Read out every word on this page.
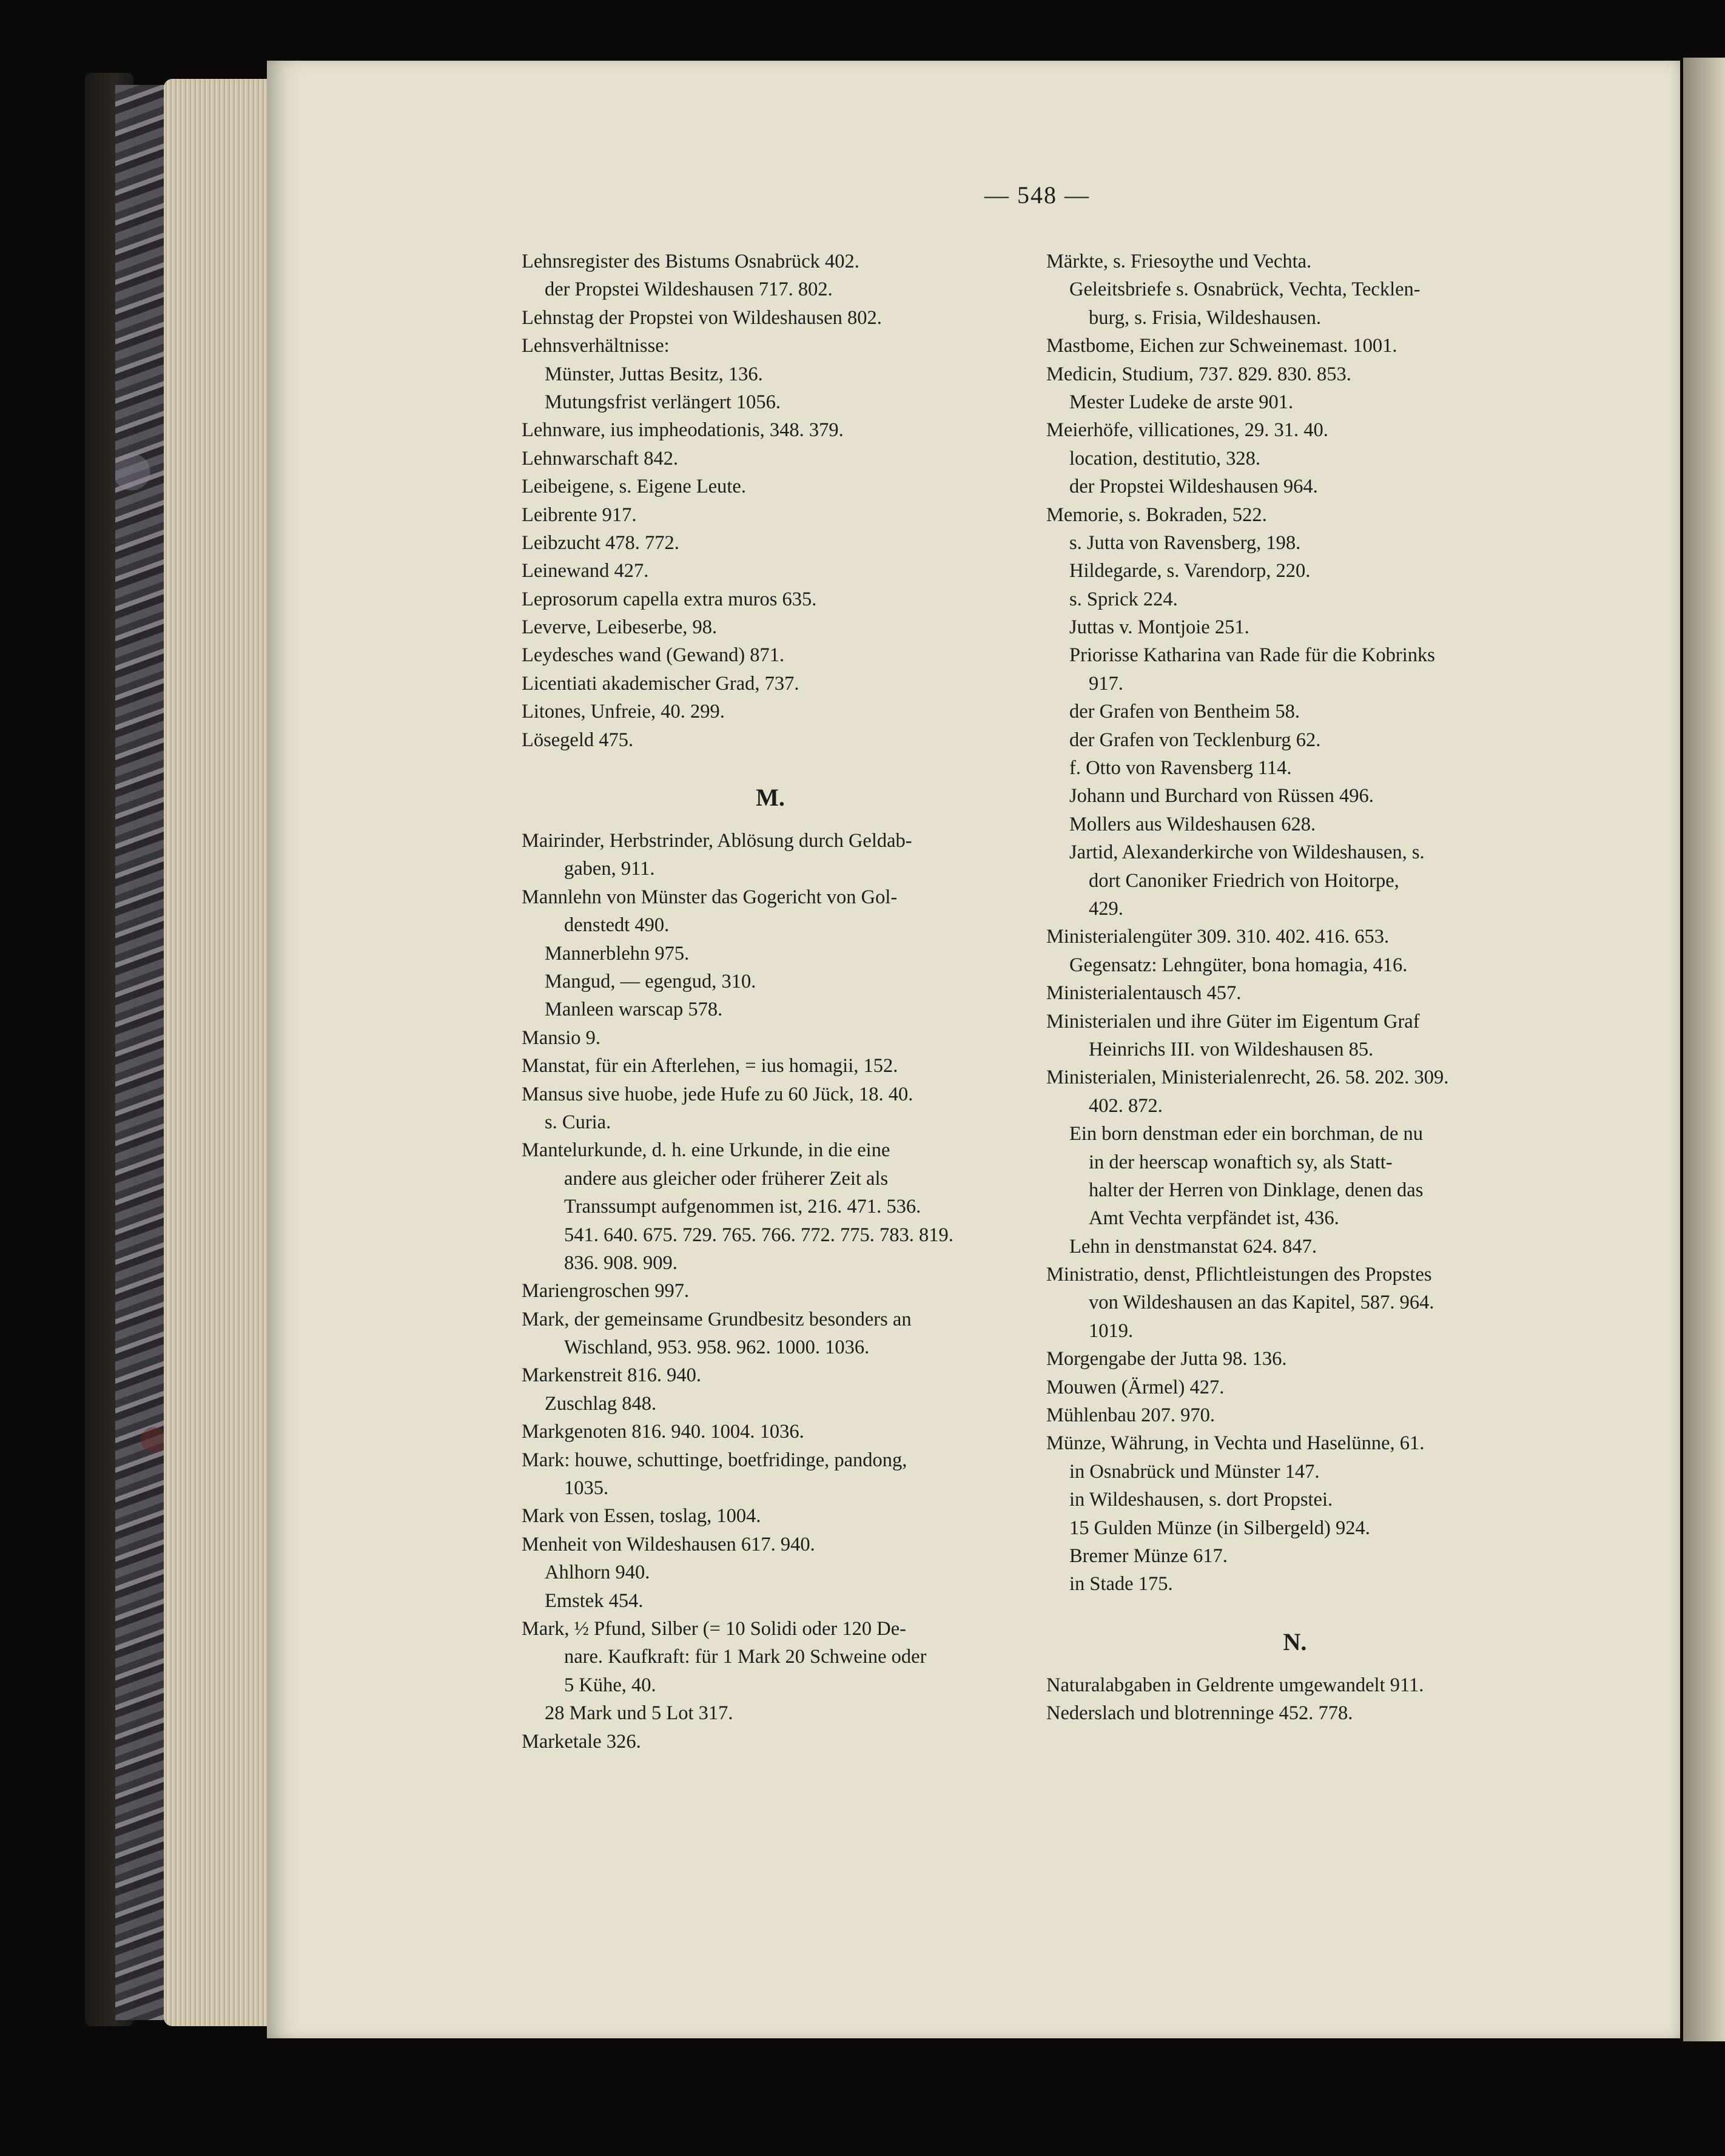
— 548 —
Lehnsregister des Bistums Osnabrück 402.
der Propstei Wildeshausen 717. 802.
Lehnstag der Propstei von Wildeshausen 802.
Lehnsverhältnisse:
Münster, Juttas Besitz, 136.
Mutungsfrist verlängert 1056.
Lehnware, ius impheodationis, 348. 379.
Lehnwarschaft 842.
Leibeigene, s. Eigene Leute.
Leibrente 917.
Leibzucht 478. 772.
Leinewand 427.
Leprosorum capella extra muros 635.
Leverve, Leibeserbe, 98.
Leydesches wand (Gewand) 871.
Licentiati akademischer Grad, 737.
Litones, Unfreie, 40. 299.
Lösegeld 475.
M.
Mairinder, Herbstrinder, Ablösung durch Geldab-
gaben, 911.
Mannlehn von Münster das Gogericht von Gol-
denstedt 490.
Mannerblehn 975.
Mangud, — egengud, 310.
Manleen warscap 578.
Mansio 9.
Manstat, für ein Afterlehen, = ius homagii, 152.
Mansus sive huobe, jede Hufe zu 60 Jück, 18. 40.
s. Curia.
Mantelurkunde, d. h. eine Urkunde, in die eine
andere aus gleicher oder früherer Zeit als
Transsumpt aufgenommen ist, 216. 471. 536.
541. 640. 675. 729. 765. 766. 772. 775. 783. 819.
836. 908. 909.
Mariengroschen 997.
Mark, der gemeinsame Grundbesitz besonders an
Wischland, 953. 958. 962. 1000. 1036.
Markenstreit 816. 940.
Zuschlag 848.
Markgenoten 816. 940. 1004. 1036.
Mark: houwe, schuttinge, boetfridinge, pandong,
1035.
Mark von Essen, toslag, 1004.
Menheit von Wildeshausen 617. 940.
Ahlhorn 940.
Emstek 454.
Mark, ½ Pfund, Silber (= 10 Solidi oder 120 De-
nare. Kaufkraft: für 1 Mark 20 Schweine oder
5 Kühe, 40.
28 Mark und 5 Lot 317.
Marketale 326.
Märkte, s. Friesoythe und Vechta.
Geleitsbriefe s. Osnabrück, Vechta, Tecklen-
burg, s. Frisia, Wildeshausen.
Mastbome, Eichen zur Schweinemast. 1001.
Medicin, Studium, 737. 829. 830. 853.
Mester Ludeke de arste 901.
Meierhöfe, villicationes, 29. 31. 40.
location, destitutio, 328.
der Propstei Wildeshausen 964.
Memorie, s. Bokraden, 522.
s. Jutta von Ravensberg, 198.
Hildegarde, s. Varendorp, 220.
s. Sprick 224.
Juttas v. Montjoie 251.
Priorisse Katharina van Rade für die Kobrinks
917.
der Grafen von Bentheim 58.
der Grafen von Tecklenburg 62.
f. Otto von Ravensberg 114.
Johann und Burchard von Rüssen 496.
Mollers aus Wildeshausen 628.
Jartid, Alexanderkirche von Wildeshausen, s.
dort Canoniker Friedrich von Hoitorpe,
429.
Ministerialengüter 309. 310. 402. 416. 653.
Gegensatz: Lehngüter, bona homagia, 416.
Ministerialentausch 457.
Ministerialen und ihre Güter im Eigentum Graf
Heinrichs III. von Wildeshausen 85.
Ministerialen, Ministerialenrecht, 26. 58. 202. 309.
402. 872.
Ein born denstman eder ein borchman, de nu
in der heerscap wonaftich sy, als Statt-
halter der Herren von Dinklage, denen das
Amt Vechta verpfändet ist, 436.
Lehn in denstmanstat 624. 847.
Ministratio, denst, Pflichtleistungen des Propstes
von Wildeshausen an das Kapitel, 587. 964.
1019.
Morgengabe der Jutta 98. 136.
Mouwen (Ärmel) 427.
Mühlenbau 207. 970.
Münze, Währung, in Vechta und Haselünne, 61.
in Osnabrück und Münster 147.
in Wildeshausen, s. dort Propstei.
15 Gulden Münze (in Silbergeld) 924.
Bremer Münze 617.
in Stade 175.
N.
Naturalabgaben in Geldrente umgewandelt 911.
Nederslach und blotrenninge 452. 778.
